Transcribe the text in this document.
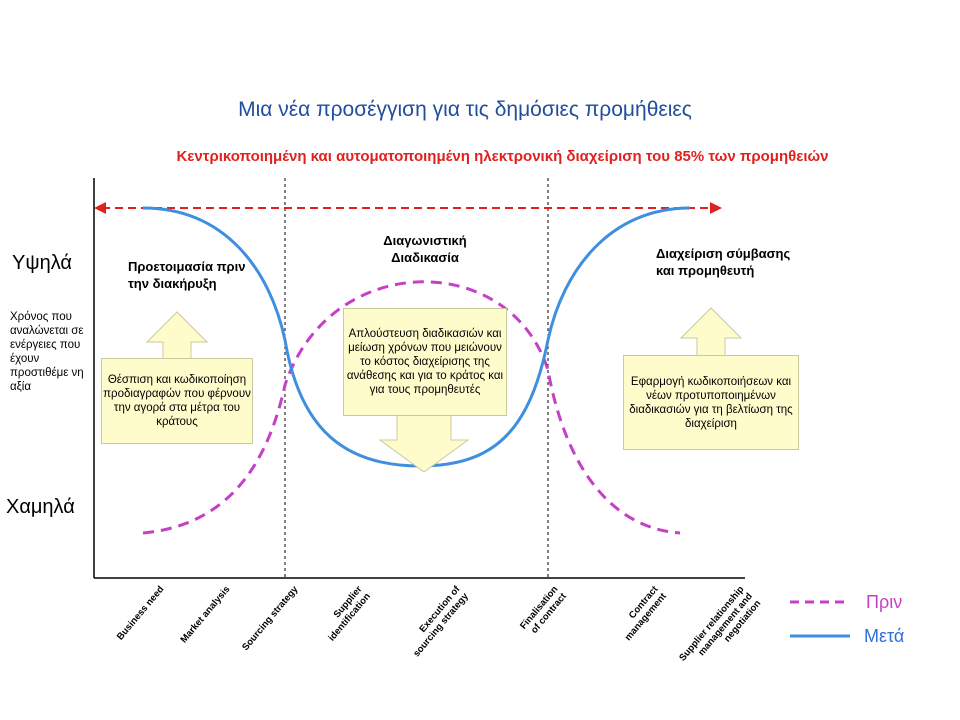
Μια νέα προσέγγιση για τις δημόσιες προμήθειες
Κεντρικοποιημένη και αυτοματοποιημένη ηλεκτρονική διαχείριση του 85% των προμηθειών
Θέσπιση και κωδικοποίηση προδιαγραφών που φέρνουν την αγορά στα μέτρα του κράτους
Απλούστευση διαδικασιών και μείωση χρόνων που μειώνουν το κόστος διαχείρισης της ανάθεσης και για το κράτος και για τους προμηθευτές
Εφαρμογή κωδικοποιήσεων και νέων προτυποποιημένων διαδικασιών για τη βελτίωση της διαχείριση
Υψηλά
Χρόνος που αναλώνεται σε ενέργειες που έχουν προστιθέμε νη αξία
Χαμηλά
Προετοιμασία πριν την διακήρυξη
Διαγωνιστική Διαδικασία	Διαχείριση σύμβασης και προμηθευτή
Business need	Market analysis Sourcing strategy	Supplier identification	Execution of sourcing strategy	Finalisation of contract	Contract management Supplier relationship management and negotiation	Πριν
Μετά
